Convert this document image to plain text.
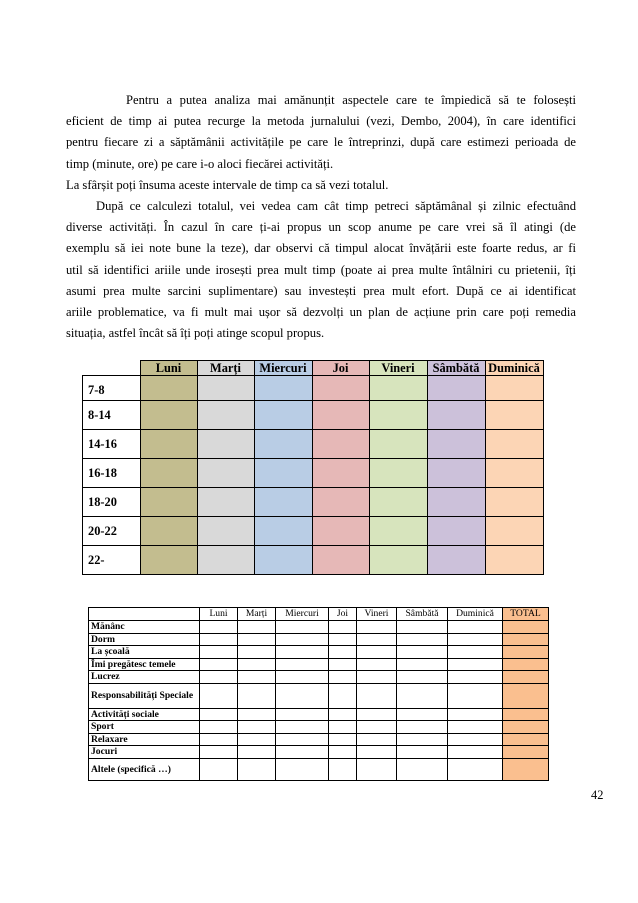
Pentru a putea analiza mai amănunțit aspectele care te împiedică să te folosești

eficient de timp ai putea recurge la metoda jurnalului (vezi, Dembo, 2004), în care identifici

pentru fiecare zi a săptămânii activitățile pe care le întreprinzi, după care estimezi perioada de

timp (minute, ore) pe care i-o aloci fiecărei activități.

La sfârșit poți însuma aceste intervale de timp ca să vezi totalul.

După ce calculezi totalul, vei vedea cam cât timp petreci săptămânal și zilnic efectuând

diverse activități. În cazul în care ți-ai propus un scop anume pe care vrei să îl atingi (de

exemplu să iei note bune la teze), dar observi că timpul alocat învățării este foarte redus, ar fi

util să identifici ariile unde irosești prea mult timp (poate ai prea multe întâlniri cu prietenii, îți

asumi prea multe sarcini suplimentare) sau investești prea mult efort. După ce ai identificat

ariile problematice, va fi mult mai ușor să dezvolți un plan de acțiune prin care poți remedia

situația, astfel încât să îți poți atinge scopul propus.

	Luni	Marți	Miercuri	Joi	Vineri	Sâmbătă	Duminică
7-8							
8-14							
14-16							
16-18							
18-20							
20-22							
22-							
	Luni	Marți	Miercuri	Joi	Vineri	Sâmbătă	Duminică	TOTAL
Mănânc								
Dorm								
La școală								
Îmi pregătesc temele								
Lucrez								
Responsabilități Speciale								
Activități sociale								
Sport								
Relaxare								
Jocuri								
Altele (specifică …)								
42
